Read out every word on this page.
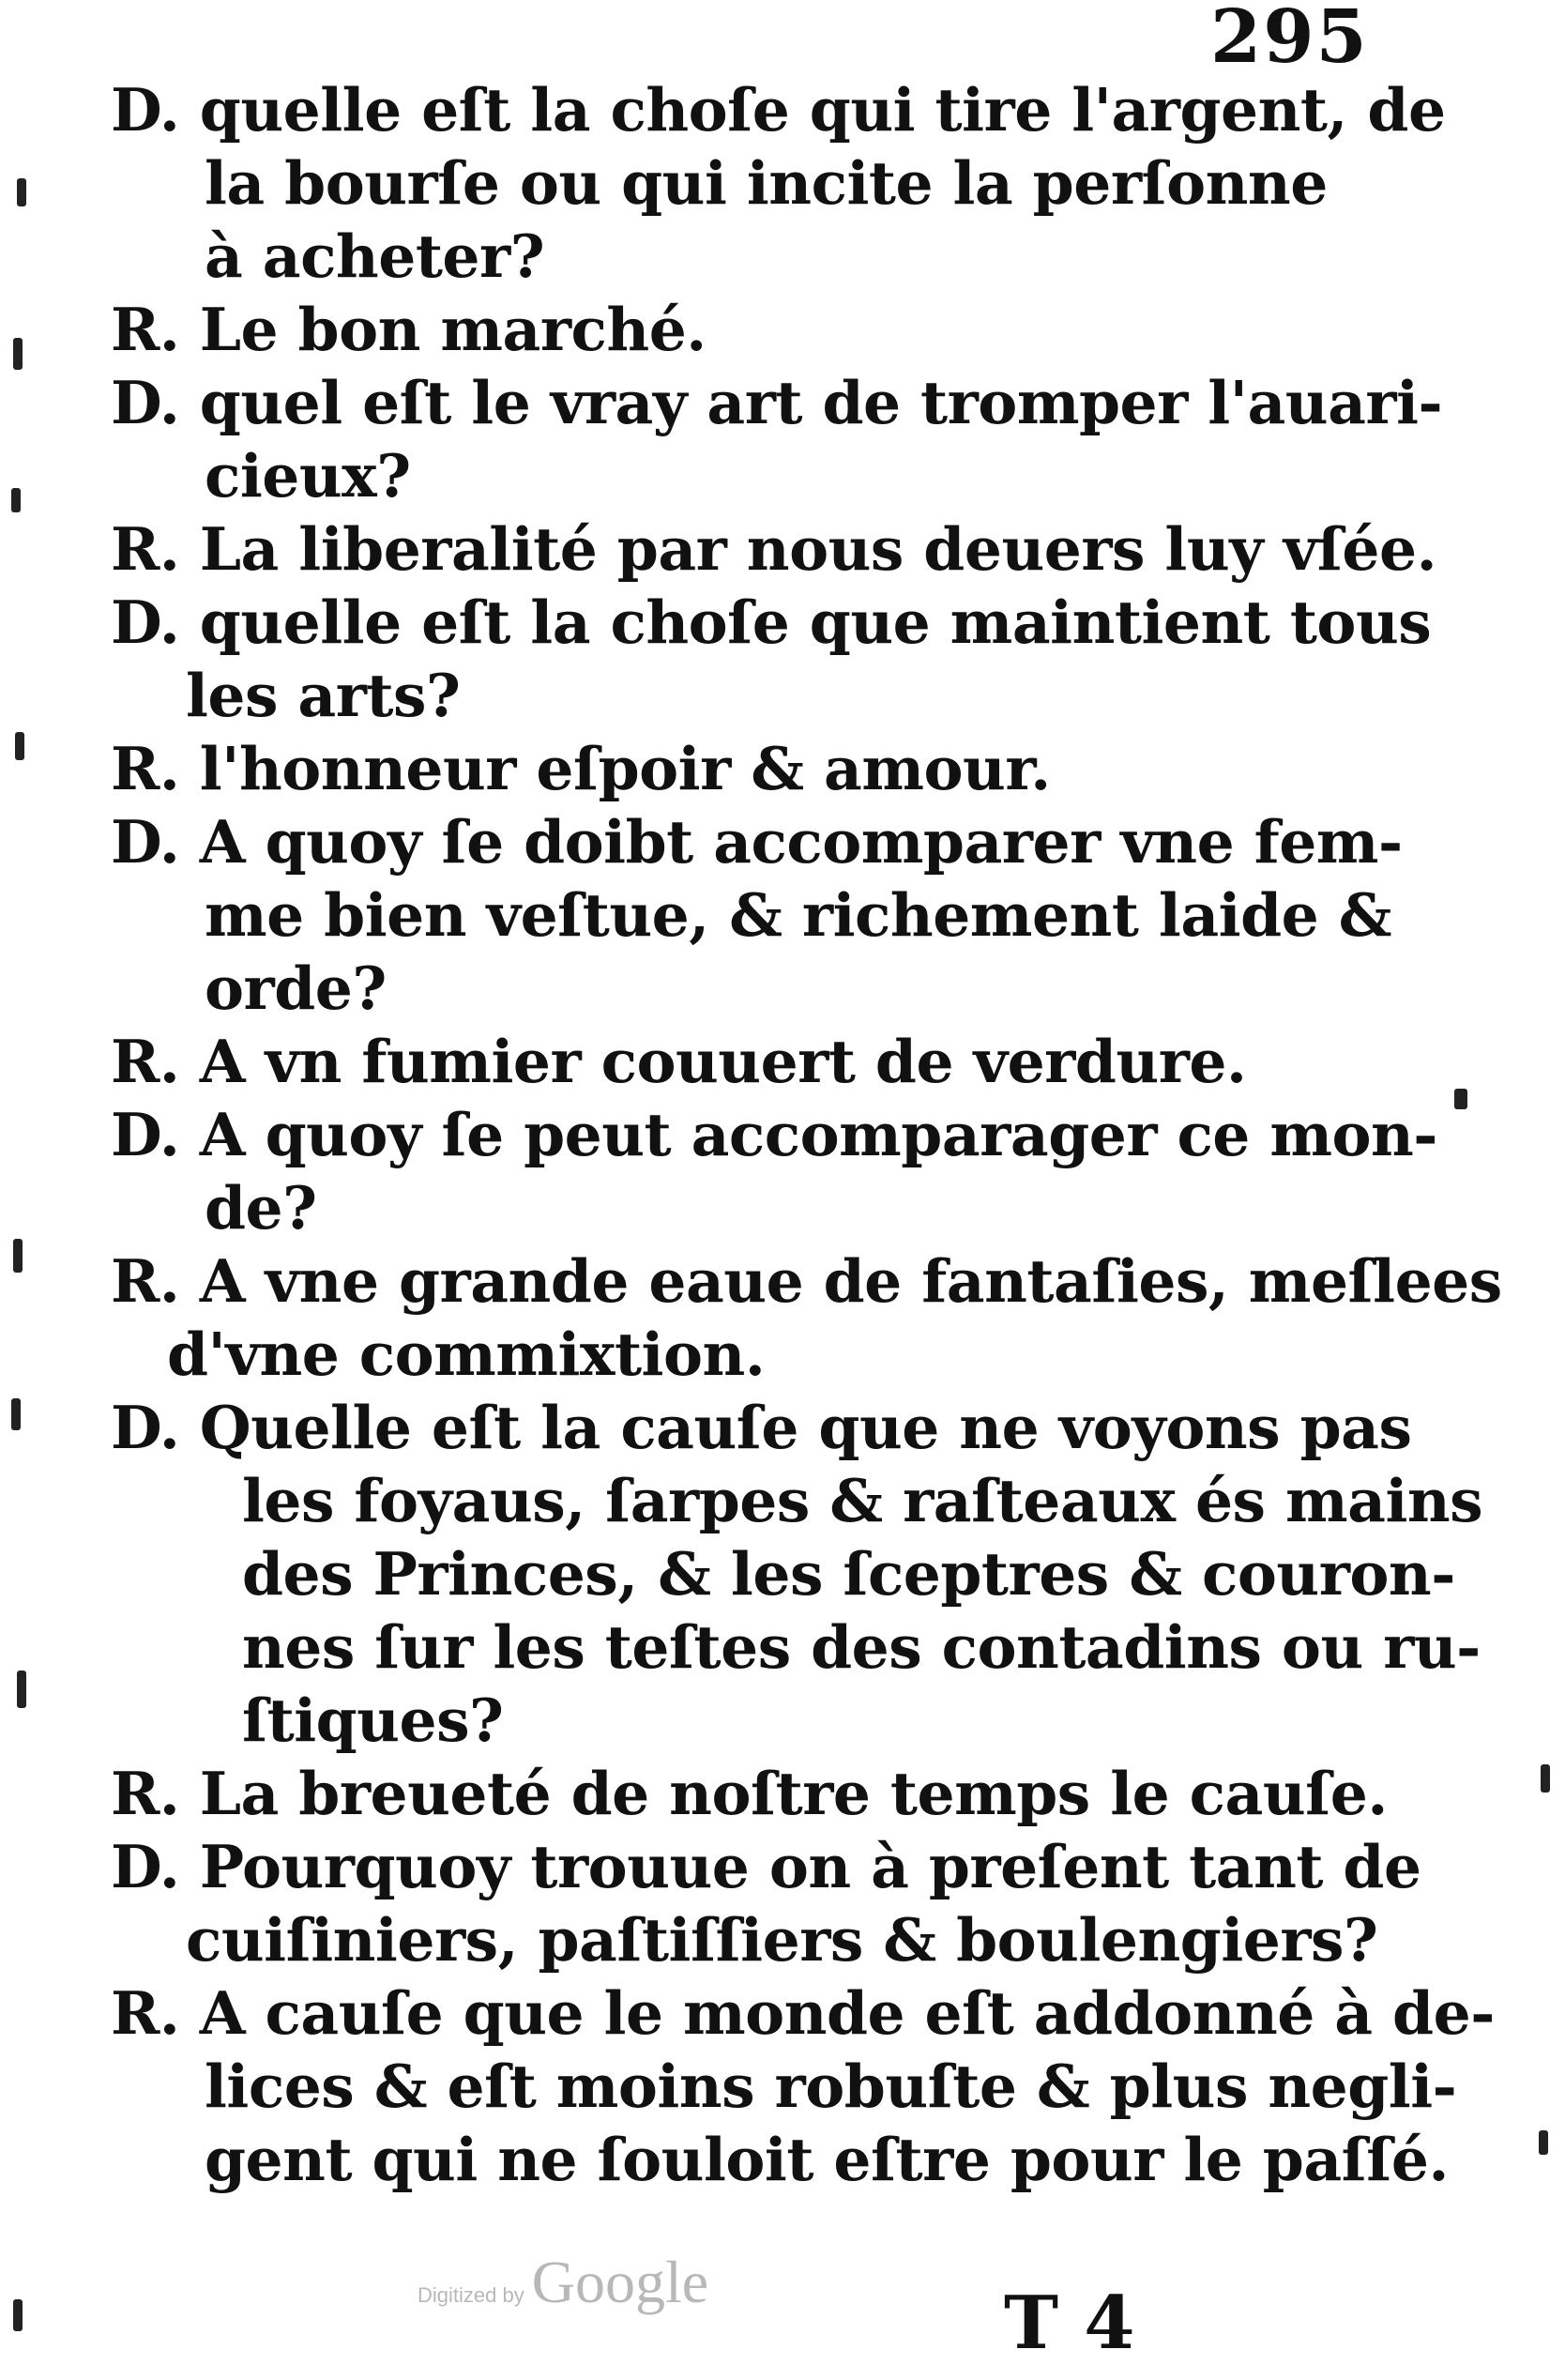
295
D. quelle eſt la choſe qui tire l'argent, de
la bourſe ou qui incite la perſonne
à acheter?
R. Le bon marché.
D. quel eſt le vray art de tromper l'auari-
cieux?
R. La liberalité par nous deuers luy vſée.
D. quelle eſt la choſe que maintient tous
les arts?
R. l'honneur eſpoir & amour.
D. A quoy ſe doibt accomparer vne fem-
me bien veſtue, & richement laide &
orde?
R. A vn fumier couuert de verdure.
D. A quoy ſe peut accomparager ce mon-
de?
R. A vne grande eaue de fantaſies, meſlees
d'vne commixtion.
D. Quelle eſt la cauſe que ne voyons pas
les foyaus, ſarpes & raſteaux és mains
des Princes, & les ſceptres & couron-
nes ſur les teſtes des contadins ou ru-
ſtiques?
R. La breueté de noſtre temps le cauſe.
D. Pourquoy trouue on à preſent tant de
cuiſiniers, paſtiſſiers & boulengiers?
R. A cauſe que le monde eſt addonné à de-
lices & eſt moins robuſte & plus negli-
gent qui ne ſouloit eſtre pour le paſſé.
T 4
Digitized by Google
